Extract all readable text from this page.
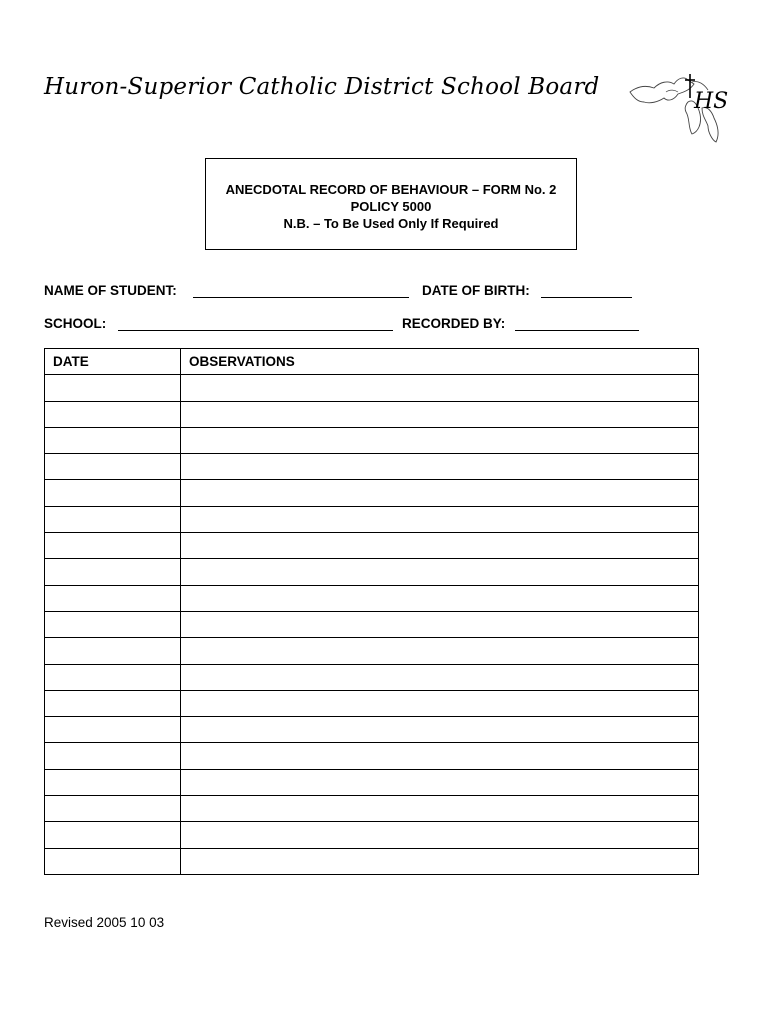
Huron-Superior Catholic District School Board
HS
ANECDOTAL RECORD OF BEHAVIOUR – FORM No. 2
POLICY 5000
N.B. – To Be Used Only If Required
NAME OF STUDENT:	DATE OF BIRTH:
SCHOOL:	RECORDED BY:
DATE	OBSERVATIONS

Revised 2005 10 03
